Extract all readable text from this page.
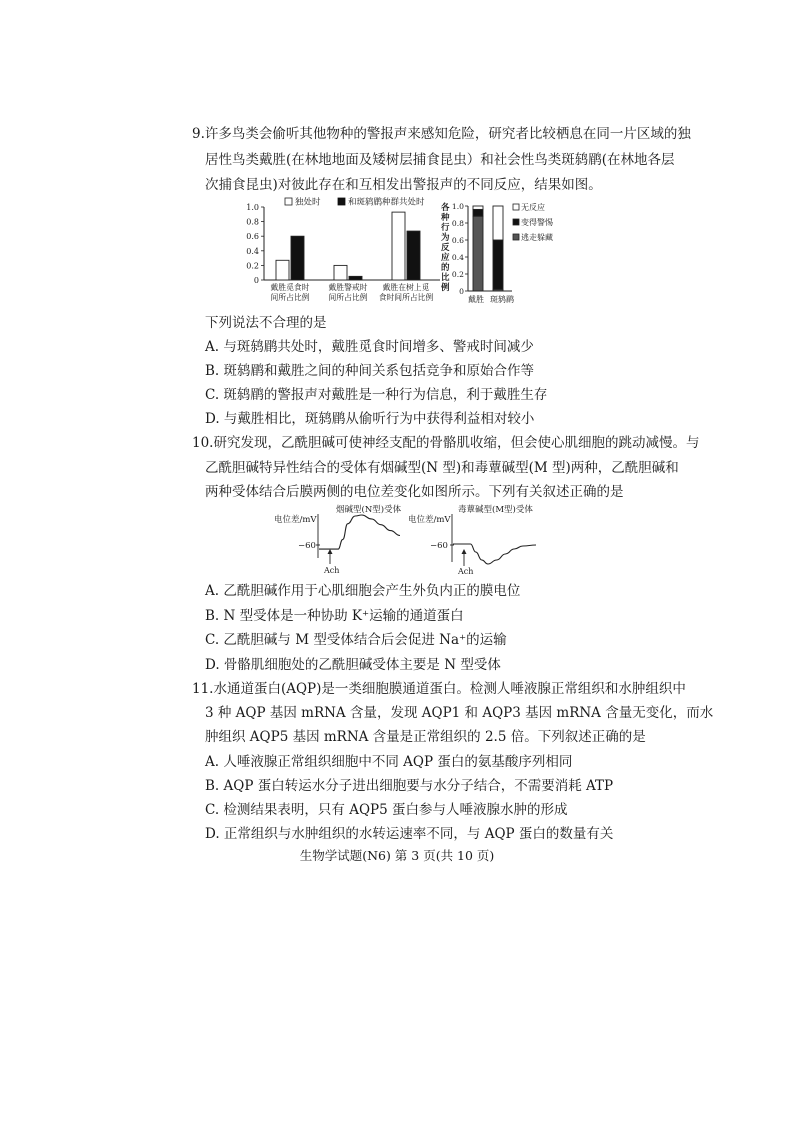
9.许多鸟类会偷听其他物种的警报声来感知危险，研究者比较栖息在同一片区域的独
居性鸟类戴胜(在林地地面及矮树层捕食昆虫）和社会性鸟类斑鸫鹛(在林地各层
次捕食昆虫)对彼此存在和互相发出警报声的不同反应，结果如图。
0
0.2
0.4
0.6
0.8
1.0
戴胜觅食时
间所占比例
戴胜警戒时
间所占比例
戴胜在树上觅
食时间所占比例
独处时	和斑鸫鹛种群共处时
各
种
行
为
反
应
的
比
例 0
0.2
0.4
0.6
0.8
1.0
戴胜 斑鸫鹛
无反应
变得警惕
逃走躲藏
下列说法不合理的是
A. 与斑鸫鹛共处时，戴胜觅食时间增多、警戒时间减少
B. 斑鸫鹛和戴胜之间的种间关系包括竞争和原始合作等
C. 斑鸫鹛的警报声对戴胜是一种行为信息，利于戴胜生存
D. 与戴胜相比，斑鸫鹛从偷听行为中获得利益相对较小
10.研究发现，乙酰胆碱可使神经支配的骨骼肌收缩，但会使心肌细胞的跳动减慢。与
乙酰胆碱特异性结合的受体有烟碱型(N 型)和毒蕈碱型(M 型)两种，乙酰胆碱和
两种受体结合后膜两侧的电位差变化如图所示。下列有关叙述正确的是
电位差/mV
烟碱型(N型)受体
−60
Ach
电位差/mV
毒蕈碱型(M型)受体
−60
Ach
A. 乙酰胆碱作用于心肌细胞会产生外负内正的膜电位
B. N 型受体是一种协助 K⁺运输的通道蛋白
C. 乙酰胆碱与 M 型受体结合后会促进 Na⁺的运输
D. 骨骼肌细胞处的乙酰胆碱受体主要是 N 型受体
11.水通道蛋白(AQP)是一类细胞膜通道蛋白。检测人唾液腺正常组织和水肿组织中
3 种 AQP 基因 mRNA 含量，发现 AQP1 和 AQP3 基因 mRNA 含量无变化，而水
肿组织 AQP5 基因 mRNA 含量是正常组织的 2.5 倍。下列叙述正确的是
A. 人唾液腺正常组织细胞中不同 AQP 蛋白的氨基酸序列相同
B. AQP 蛋白转运水分子进出细胞要与水分子结合，不需要消耗 ATP
C. 检测结果表明，只有 AQP5 蛋白参与人唾液腺水肿的形成
D. 正常组织与水肿组织的水转运速率不同，与 AQP 蛋白的数量有关
生物学试题(N6) 第 3 页(共 10 页)
